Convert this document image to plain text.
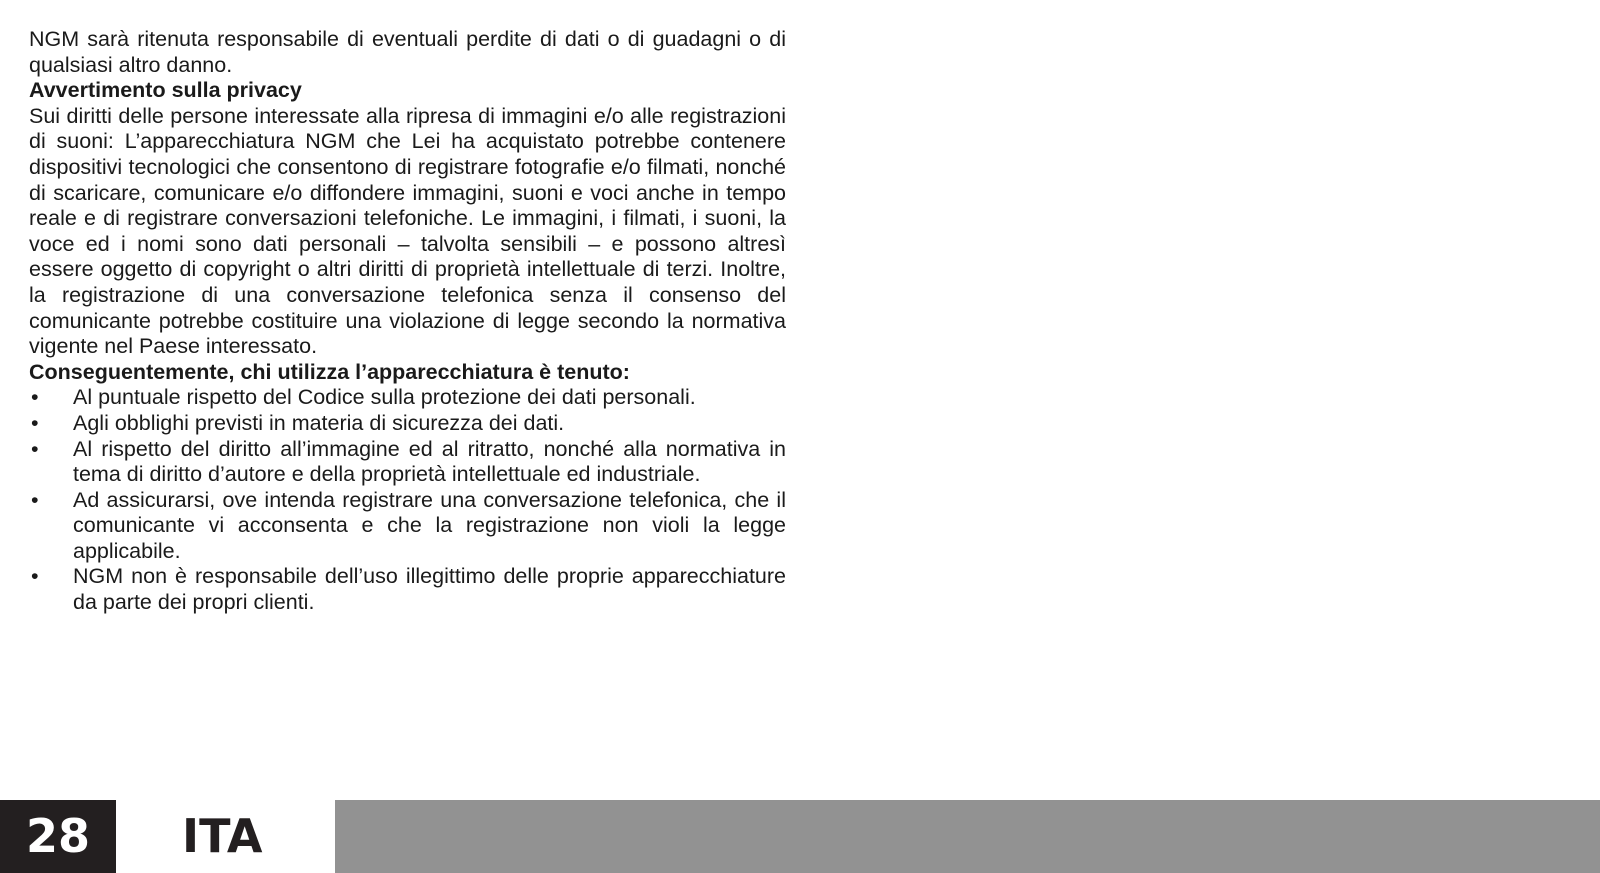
NGM sarà ritenuta responsabile di eventuali perdite di dati o di guadagni o di qualsiasi altro danno.

Avvertimento sulla privacy

Sui diritti delle persone interessate alla ripresa di immagini e/o alle registrazioni di suoni: L’apparecchiatura NGM che Lei ha acquistato potrebbe contenere dispositivi tecnologici che consentono di registrare fotografie e/o filmati, nonché di scaricare, comunicare e/o diffondere immagini, suoni e voci anche in tempo reale e di registrare conversazioni telefoniche. Le immagini, i filmati, i suoni, la voce ed i nomi sono dati personali – talvolta sensibili – e possono altresì essere oggetto di copyright o altri diritti di proprietà intellettuale di terzi. Inoltre, la registrazione di una conversazione telefonica senza il consenso del comunicante potrebbe costituire una violazione di legge secondo la normativa vigente nel Paese interessato.

Conseguentemente, chi utilizza l’apparecchiatura è tenuto:

• Al puntuale rispetto del Codice sulla protezione dei dati personali.
• Agli obblighi previsti in materia di sicurezza dei dati.
• Al rispetto del diritto all’immagine ed al ritratto, nonché alla normativa in tema di diritto d’autore e della proprietà intellettuale ed industriale.
• Ad assicurarsi, ove intenda registrare una conversazione telefonica, che il comunicante vi acconsenta e che la registrazione non violi la legge applicabile.
• NGM non è responsabile dell’uso illegittimo delle proprie apparecchiature da parte dei propri clienti.
28	ITA
